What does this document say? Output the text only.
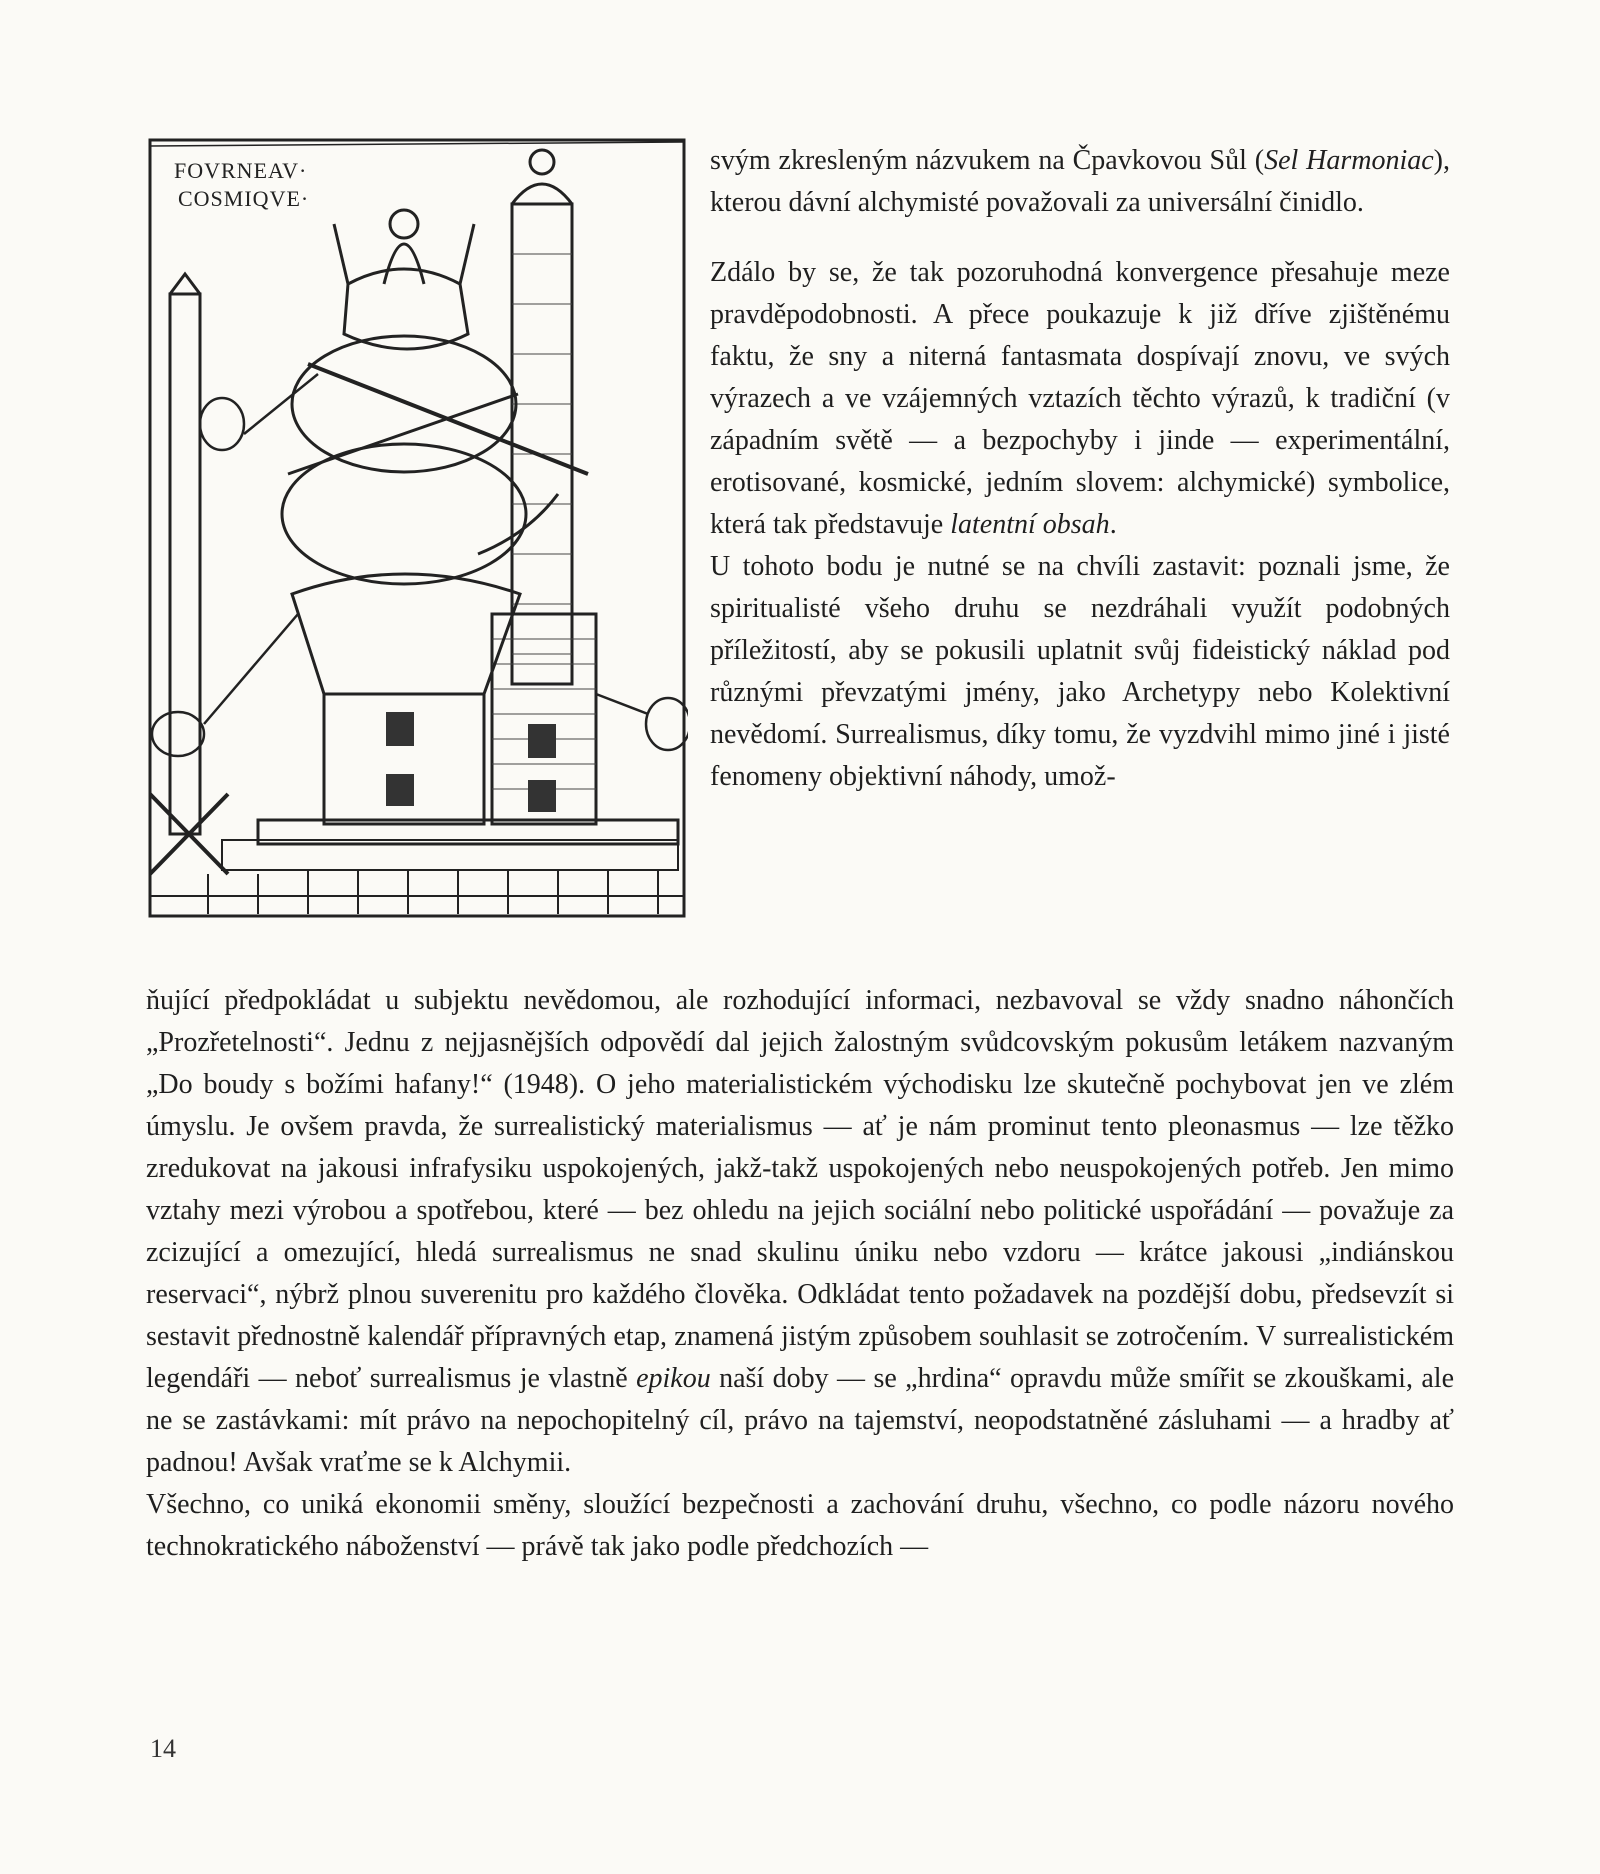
FOVRNEAV·
COSMIQVE·

svým zkresleným názvukem na Čpavkovou Sůl (Sel Harmoniac), kterou dávní alchymisté považovali za universální činidlo.

Zdálo by se, že tak pozoruhodná konvergence přesahuje meze pravděpodobnosti. A přece poukazuje k již dříve zjištěnému faktu, že sny a niterná fantasmata dospívají znovu, ve svých výrazech a ve vzájemných vztazích těchto výrazů, k tradiční (v západním světě — a bezpochyby i jinde — experimentální, erotisované, kosmické, jedním slovem: alchymické) symbolice, která tak představuje latentní obsah.

U tohoto bodu je nutné se na chvíli zastavit: poznali jsme, že spiritualisté všeho druhu se nezdráhali využít podobných příležitostí, aby se pokusili uplatnit svůj fideistický náklad pod různými převzatými jmény, jako Archetypy nebo Kolektivní nevědomí. Surrealismus, díky tomu, že vyzdvihl mimo jiné i jisté fenomeny objektivní náhody, umož-

ňující předpokládat u subjektu nevědomou, ale rozhodující informaci, nezbavoval se vždy snadno náhončích „Prozřetelnosti“. Jednu z nejjasnějších odpovědí dal jejich žalostným svůdcovským pokusům letákem nazvaným „Do boudy s božími hafany!“ (1948). O jeho materialistickém východisku lze skutečně pochybovat jen ve zlém úmyslu. Je ovšem pravda, že surrealistický materialismus — ať je nám prominut tento pleonasmus — lze těžko zredukovat na jakousi infrafysiku uspokojených, jakž-takž uspokojených nebo neuspokojených potřeb. Jen mimo vztahy mezi výrobou a spotřebou, které — bez ohledu na jejich sociální nebo politické uspořádání — považuje za zcizující a omezující, hledá surrealismus ne snad skulinu úniku nebo vzdoru — krátce jakousi „indiánskou reservaci“, nýbrž plnou suverenitu pro každého člověka. Odkládat tento požadavek na pozdější dobu, předsevzít si sestavit přednostně kalendář přípravných etap, znamená jistým způsobem souhlasit se zotročením. V surrealistickém legendáři — neboť surrealismus je vlastně epikou naší doby — se „hrdina“ opravdu může smířit se zkouškami, ale ne se zastávkami: mít právo na nepochopitelný cíl, právo na tajemství, neopodstatněné zásluhami — a hradby ať padnou! Avšak vraťme se k Alchymii.

Všechno, co uniká ekonomii směny, sloužící bezpečnosti a zachování druhu, všechno, co podle názoru nového technokratického náboženství — právě tak jako podle předchozích —

14
